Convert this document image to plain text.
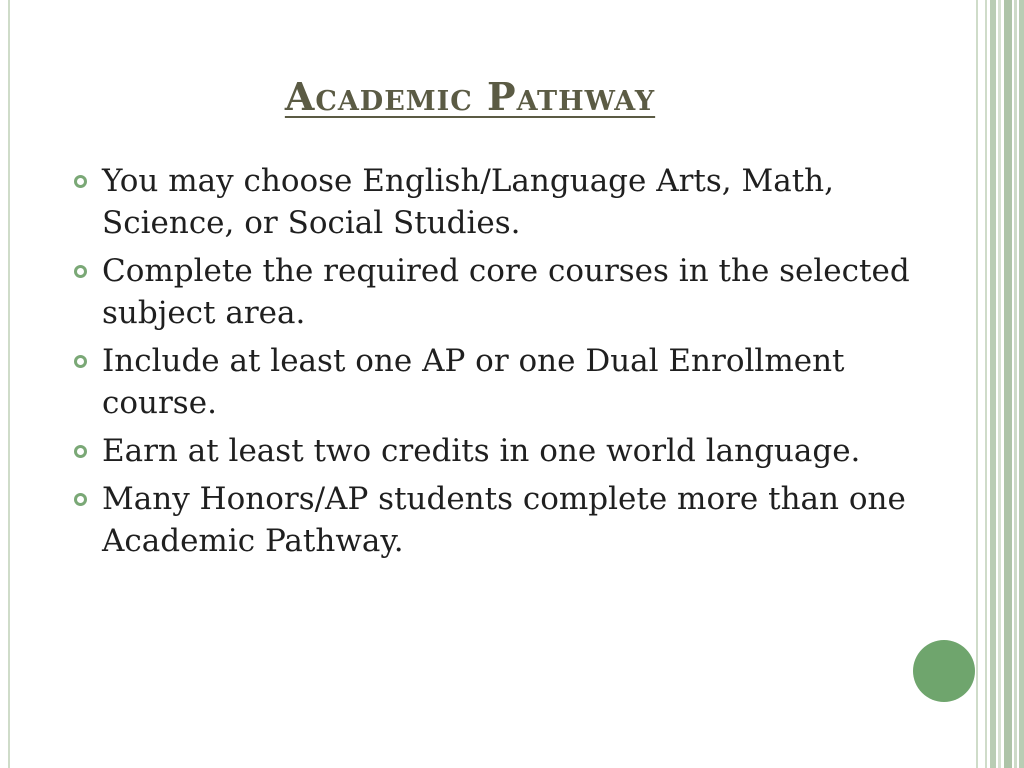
Academic Pathway
You may choose English/Language Arts, Math, Science, or Social Studies.
Complete the required core courses in the selected subject area.
Include at least one AP or one Dual Enrollment course.
Earn at least two credits in one world language.
Many Honors/AP students complete more than one Academic Pathway.
